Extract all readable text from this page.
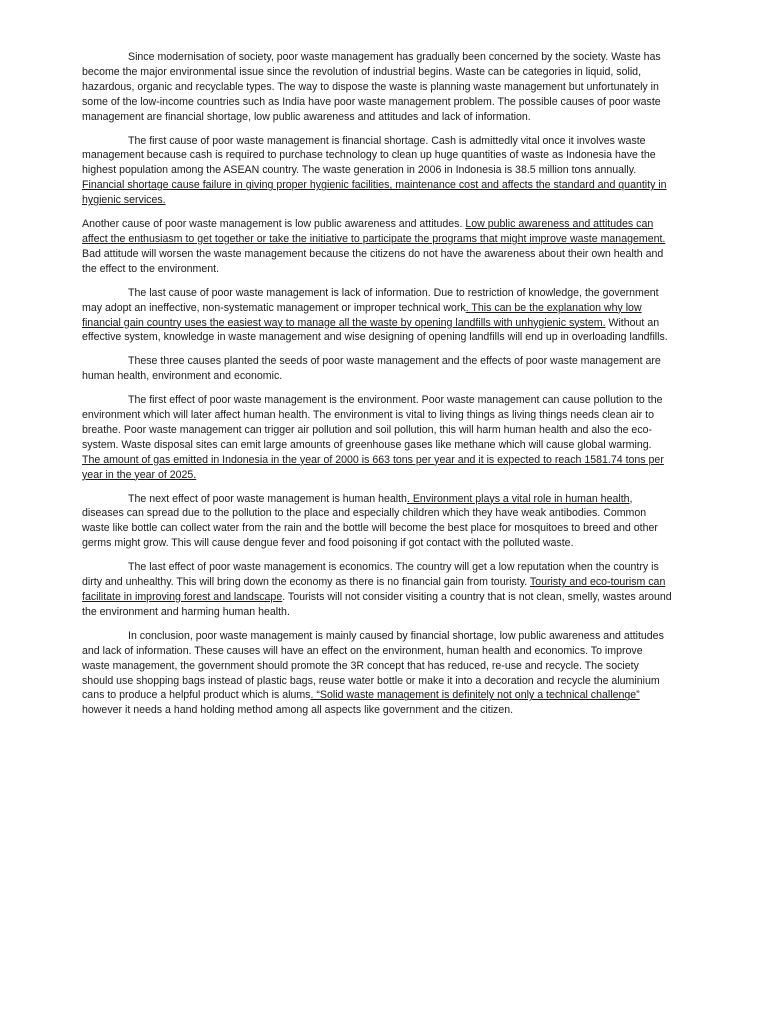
Since modernisation of society, poor waste management has gradually been concerned by the society. Waste has become the major environmental issue since the revolution of industrial begins. Waste can be categories in liquid, solid, hazardous, organic and recyclable types. The way to dispose the waste is planning waste management but unfortunately in some of the low-income countries such as India have poor waste management problem. The possible causes of poor waste management are financial shortage, low public awareness and attitudes and lack of information.

The first cause of poor waste management is financial shortage. Cash is admittedly vital once it involves waste management because cash is required to purchase technology to clean up huge quantities of waste as Indonesia have the highest population among the ASEAN country. The waste generation in 2006 in Indonesia is 38.5 million tons annually. Financial shortage cause failure in giving proper hygienic facilities, maintenance cost and affects the standard and quantity in hygienic services.

Another cause of poor waste management is low public awareness and attitudes. Low public awareness and attitudes can affect the enthusiasm to get together or take the initiative to participate the programs that might improve waste management. Bad attitude will worsen the waste management because the citizens do not have the awareness about their own health and the effect to the environment.

The last cause of poor waste management is lack of information. Due to restriction of knowledge, the government may adopt an ineffective, non-systematic management or improper technical work. This can be the explanation why low financial gain country uses the easiest way to manage all the waste by opening landfills with unhygienic system. Without an effective system, knowledge in waste management and wise designing of opening landfills will end up in overloading landfills.

These three causes planted the seeds of poor waste management and the effects of poor waste management are human health, environment and economic.

The first effect of poor waste management is the environment. Poor waste management can cause pollution to the environment which will later affect human health. The environment is vital to living things as living things needs clean air to breathe. Poor waste management can trigger air pollution and soil pollution, this will harm human health and also the eco-system. Waste disposal sites can emit large amounts of greenhouse gases like methane which will cause global warming. The amount of gas emitted in Indonesia in the year of 2000 is 663 tons per year and it is expected to reach 1581.74 tons per year in the year of 2025.

The next effect of poor waste management is human health. Environment plays a vital role in human health, diseases can spread due to the pollution to the place and especially children which they have weak antibodies. Common waste like bottle can collect water from the rain and the bottle will become the best place for mosquitoes to breed and other germs might grow. This will cause dengue fever and food poisoning if got contact with the polluted waste.

The last effect of poor waste management is economics. The country will get a low reputation when the country is dirty and unhealthy. This will bring down the economy as there is no financial gain from touristy. Touristy and eco-tourism can facilitate in improving forest and landscape. Tourists will not consider visiting a country that is not clean, smelly, wastes around the environment and harming human health.

In conclusion, poor waste management is mainly caused by financial shortage, low public awareness and attitudes and lack of information. These causes will have an effect on the environment, human health and economics. To improve waste management, the government should promote the 3R concept that has reduced, re-use and recycle. The society should use shopping bags instead of plastic bags, reuse water bottle or make it into a decoration and recycle the aluminium cans to produce a helpful product which is alums. “Solid waste management is definitely not only a technical challenge” however it needs a hand holding method among all aspects like government and the citizen.
